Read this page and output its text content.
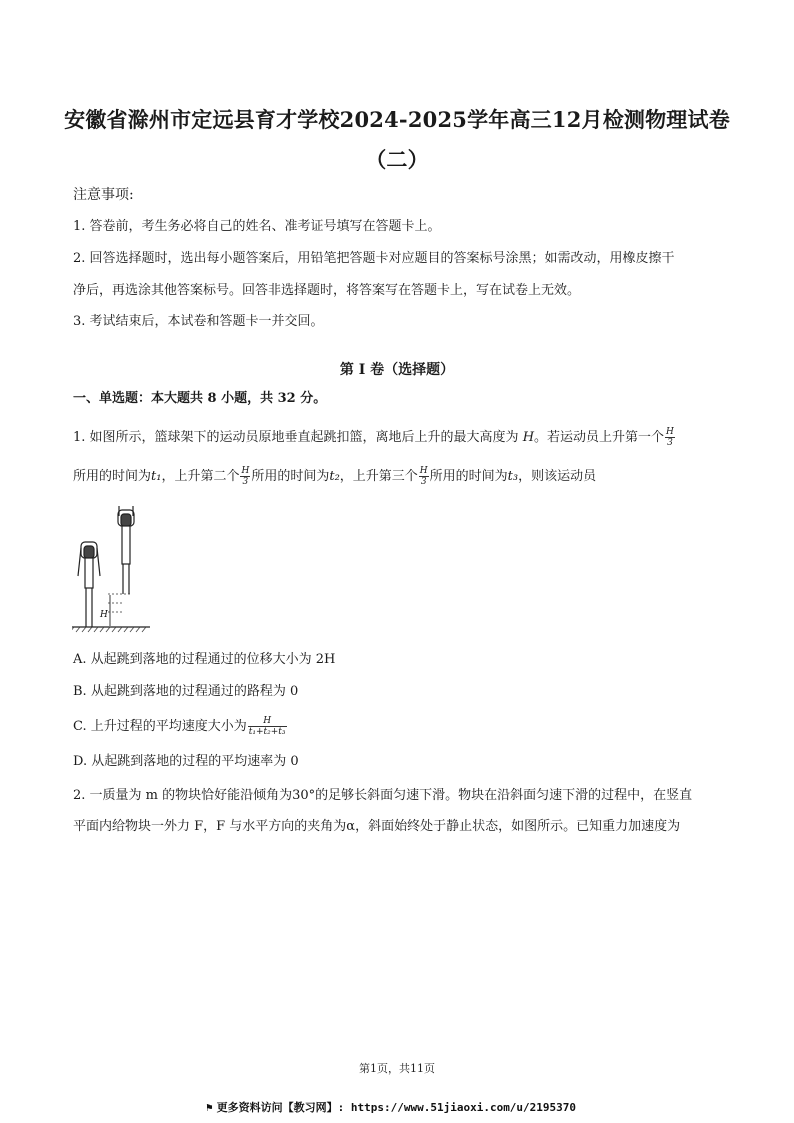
安徽省滁州市定远县育才学校2024-2025学年高三12月检测物理试卷
（二）
注意事项:
1. 答卷前，考生务必将自己的姓名、准考证号填写在答题卡上。
2. 回答选择题时，选出每小题答案后，用铅笔把答题卡对应题目的答案标号涂黑；如需改动，用橡皮擦干
净后，再选涂其他答案标号。回答非选择题时，将答案写在答题卡上，写在试卷上无效。
3. 考试结束后，本试卷和答题卡一并交回。
第 I 卷（选择题）
一、单选题：本大题共 8 小题，共 32 分。
1. 如图所示，篮球架下的运动员原地垂直起跳扣篮，离地后上升的最大高度为 H。若运动员上升第一个 $\frac{H}{3}$
所用的时间为t₁，上升第二个 $\frac{H}{3}$ 所用的时间为t₂，上升第三个 $\frac{H}{3}$ 所用的时间为t₃，则该运动员
H
A. 从起跳到落地的过程通过的位移大小为 2H
B. 从起跳到落地的过程通过的路程为 0
C. 上升过程的平均速度大小为 $\frac{H}{\text{t₁+t₂+t₃}}$
D. 从起跳到落地的过程的平均速率为 0
2. 一质量为 m 的物块恰好能沿倾角为30°的足够长斜面匀速下滑。物块在沿斜面匀速下滑的过程中，在竖直
平面内给物块一外力 F，F 与水平方向的夹角为α，斜面始终处于静止状态，如图所示。已知重力加速度为
第1页，共11页
⚑ 更多资料访问【教习网】: https://www.51jiaoxi.com/u/2195370
